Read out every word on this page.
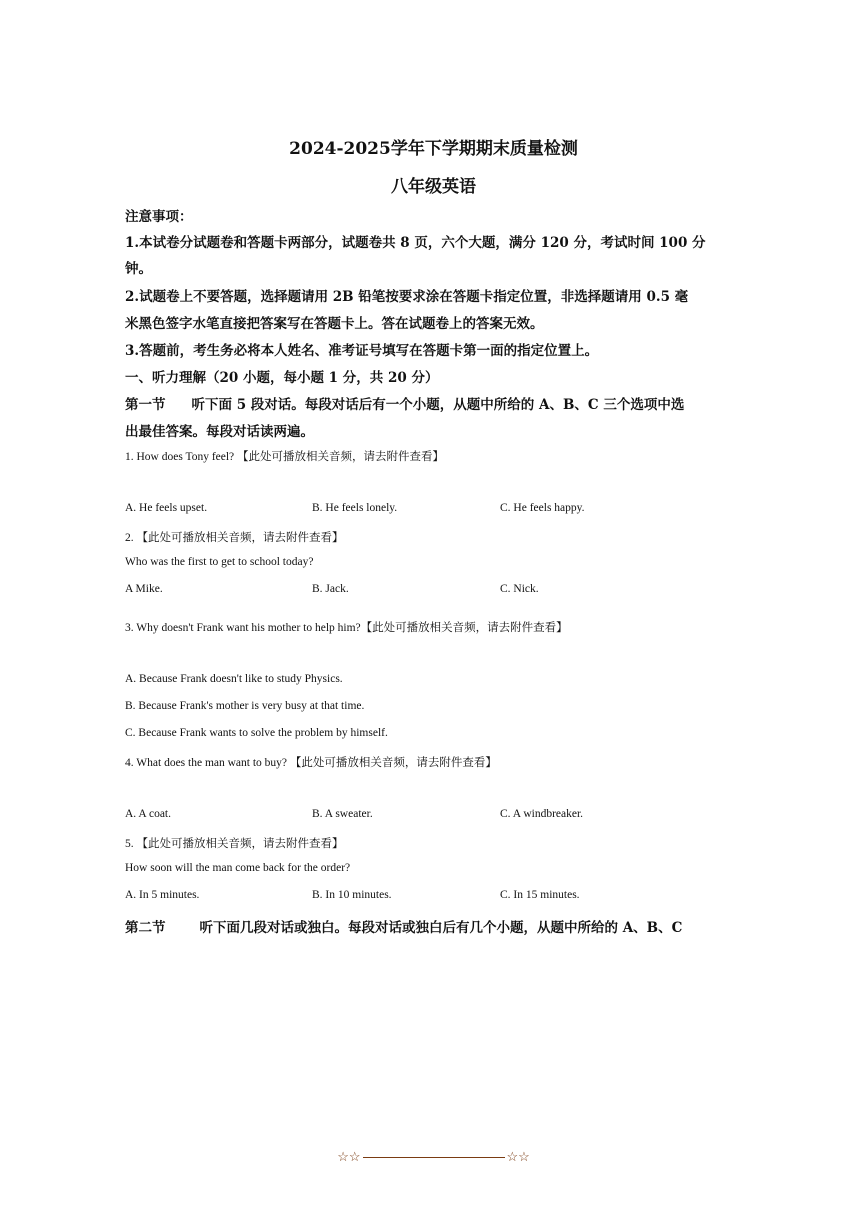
2024-2025学年下学期期末质量检测
八年级英语
注意事项：
1.本试卷分试题卷和答题卡两部分，试题卷共 8 页，六个大题，满分 120 分，考试时间 100 分
钟。
2.试题卷上不要答题，选择题请用 2B 铅笔按要求涂在答题卡指定位置，非选择题请用 0.5 毫
米黑色签字水笔直接把答案写在答题卡上。答在试题卷上的答案无效。
3.答题前，考生务必将本人姓名、准考证号填写在答题卡第一面的指定位置上。
一、听力理解（20 小题，每小题 1 分，共 20 分）
第一节 听下面 5 段对话。每段对话后有一个小题，从题中所给的 A、B、C 三个选项中选
出最佳答案。每段对话读两遍。
1. How does Tony feel? 【此处可播放相关音频，请去附件查看】
A. He feels upset.	B. He feels lonely.	C. He feels happy.
2. 【此处可播放相关音频，请去附件查看】
Who was the first to get to school today?
A Mike.	B. Jack.	C. Nick.
3. Why doesn't Frank want his mother to help him?【此处可播放相关音频，请去附件查看】
A. Because Frank doesn't like to study Physics.
B. Because Frank's mother is very busy at that time.
C. Because Frank wants to solve the problem by himself.
4. What does the man want to buy? 【此处可播放相关音频，请去附件查看】
A. A coat.	B. A sweater.	C. A windbreaker.
5. 【此处可播放相关音频，请去附件查看】
How soon will the man come back for the order?
A. In 5 minutes.	B. In 10 minutes.	C. In 15 minutes.
第二节	听下面几段对话或独白。每段对话或独白后有几个小题，从题中所给的 A、B、C
☆☆	☆☆
